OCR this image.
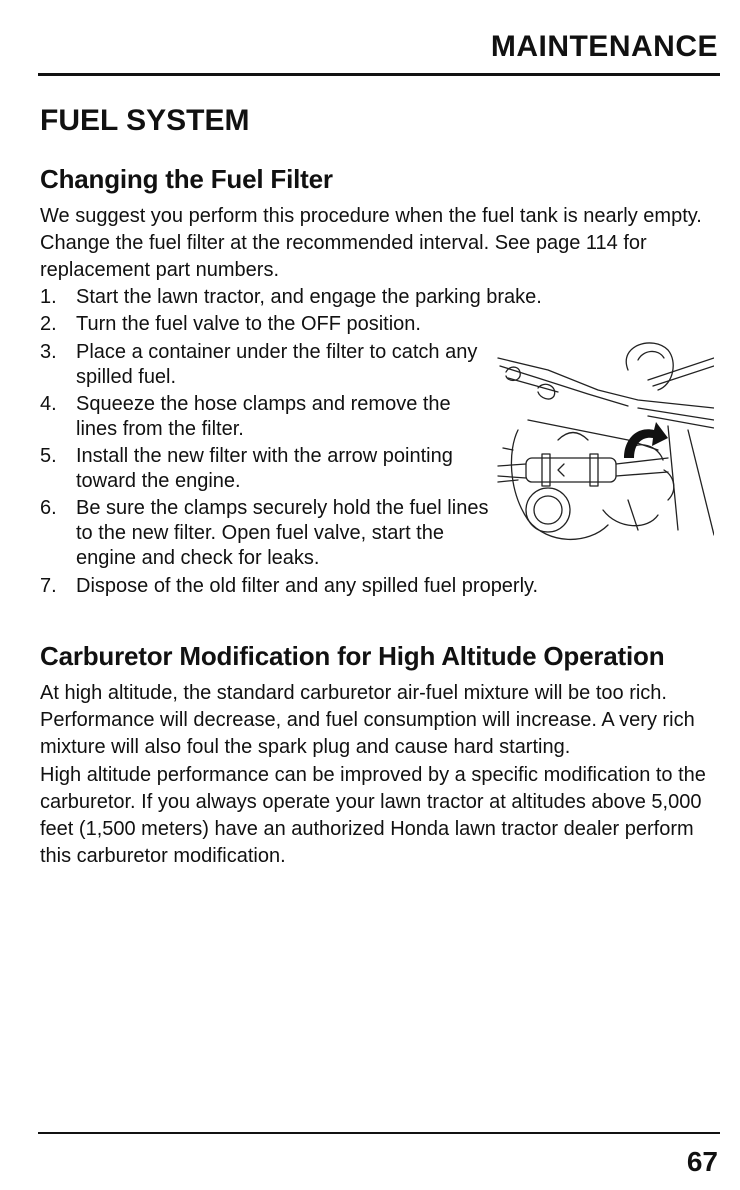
MAINTENANCE
FUEL SYSTEM
Changing the Fuel Filter

We suggest you perform this procedure when the fuel tank is nearly empty. Change the fuel filter at the recommended interval. See page 114 for replacement part numbers.

1. Start the lawn tractor, and engage the parking brake.
2. Turn the fuel valve to the OFF position.
3. Place a container under the filter to catch any spilled fuel.
4. Squeeze the hose clamps and remove the lines from the filter.
5. Install the new filter with the arrow pointing toward the engine.
6. Be sure the clamps securely hold the fuel lines to the new filter. Open fuel valve, start the engine and check for leaks.
7. Dispose of the old filter and any spilled fuel properly.
Carburetor Modification for High Altitude Operation

At high altitude, the standard carburetor air-fuel mixture will be too rich. Performance will decrease, and fuel consumption will increase. A very rich mixture will also foul the spark plug and cause hard starting.

High altitude performance can be improved by a specific modification to the carburetor. If you always operate your lawn tractor at altitudes above 5,000 feet (1,500 meters) have an authorized Honda lawn tractor dealer perform this carburetor modification.

67
